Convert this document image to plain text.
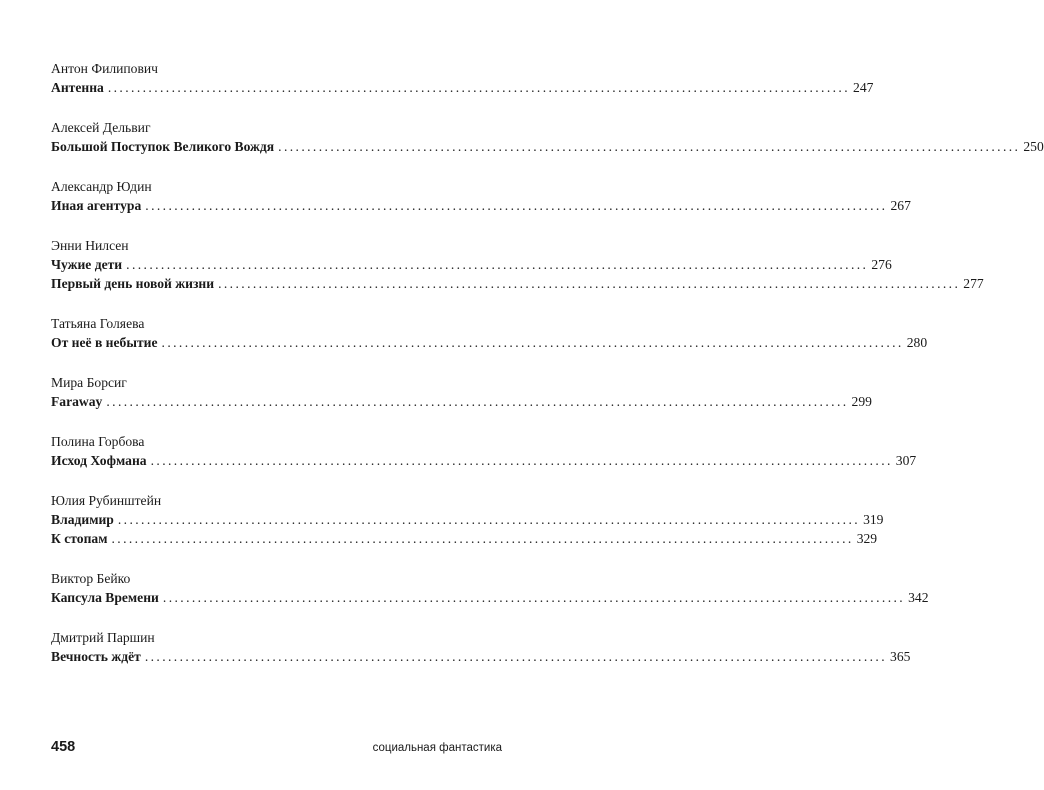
Антон Филипович
Антенна ................................................................................................................................ 247
Алексей Дельвиг
Большой Поступок Великого Вождя ................................................................................................................................ 250
Александр Юдин
Иная агентура ................................................................................................................................ 267
Энни Нилсен
Чужие дети ................................................................................................................................ 276
Первый день новой жизни ................................................................................................................................ 277
Татьяна Голяева
От неё в небытие ................................................................................................................................ 280
Мира Борсиг
Faraway ................................................................................................................................ 299
Полина Горбова
Исход Хофмана ................................................................................................................................ 307
Юлия Рубинштейн
Владимир ................................................................................................................................ 319
К стопам ................................................................................................................................ 329
Виктор Бейко
Капсула Времени ................................................................................................................................ 342
Дмитрий Паршин
Вечность ждёт ................................................................................................................................ 365
458	социальная фантастика
